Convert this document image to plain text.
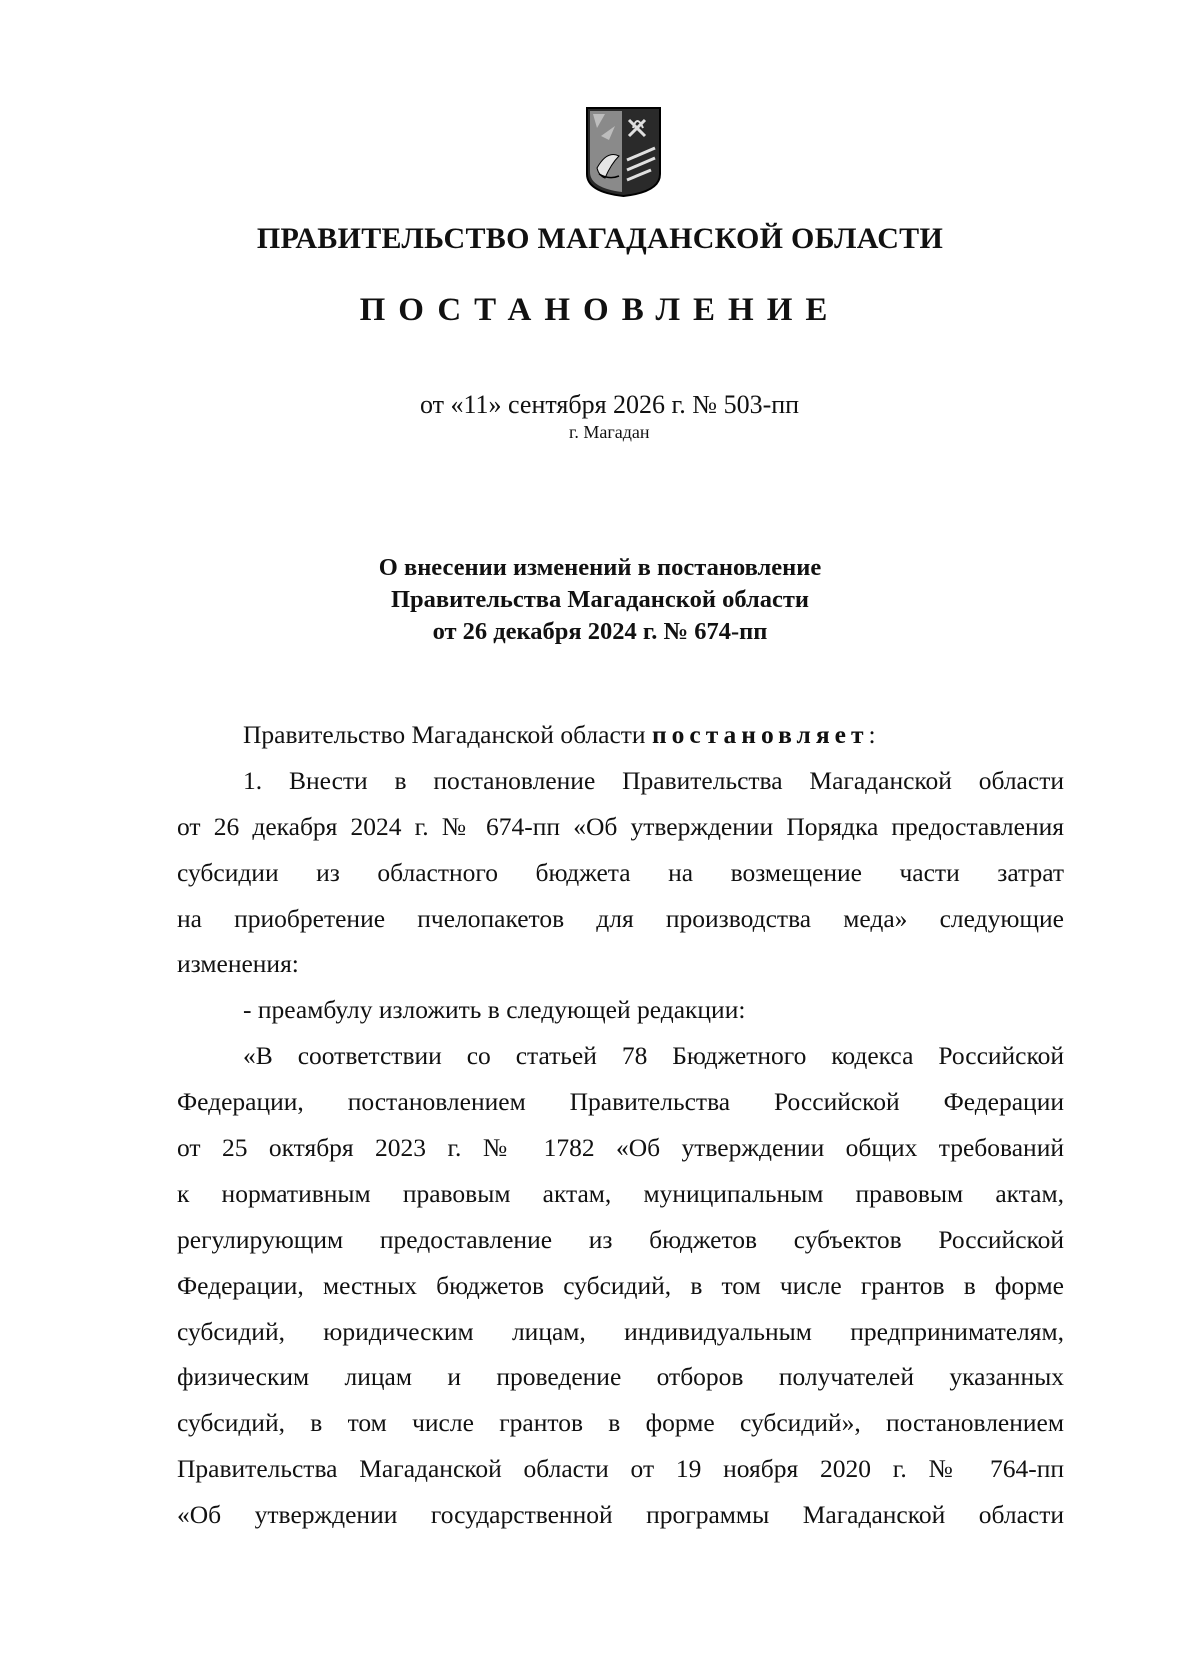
ПРАВИТЕЛЬСТВО МАГАДАНСКОЙ ОБЛАСТИ
ПОСТАНОВЛЕНИЕ
от «11» сентября 2026 г. № 503-пп
г. Магадан
О внесении изменений в постановление
Правительства Магаданской области
от 26 декабря 2024 г. № 674-пп
Правительство Магаданской области постановляет:
1. Внести в постановление Правительства Магаданской области
от 26 декабря 2024 г. № 674-пп «Об утверждении Порядка предоставления
субсидии из областного бюджета на возмещение части затрат
на приобретение пчелопакетов для производства меда» следующие
изменения:
- преамбулу изложить в следующей редакции:
«В соответствии со статьей 78 Бюджетного кодекса Российской
Федерации, постановлением Правительства Российской Федерации
от 25 октября 2023 г. № 1782 «Об утверждении общих требований
к нормативным правовым актам, муниципальным правовым актам,
регулирующим предоставление из бюджетов субъектов Российской
Федерации, местных бюджетов субсидий, в том числе грантов в форме
субсидий, юридическим лицам, индивидуальным предпринимателям,
физическим лицам и проведение отборов получателей указанных
субсидий, в том числе грантов в форме субсидий», постановлением
Правительства Магаданской области от 19 ноября 2020 г. № 764-пп
«Об утверждении государственной программы Магаданской области
